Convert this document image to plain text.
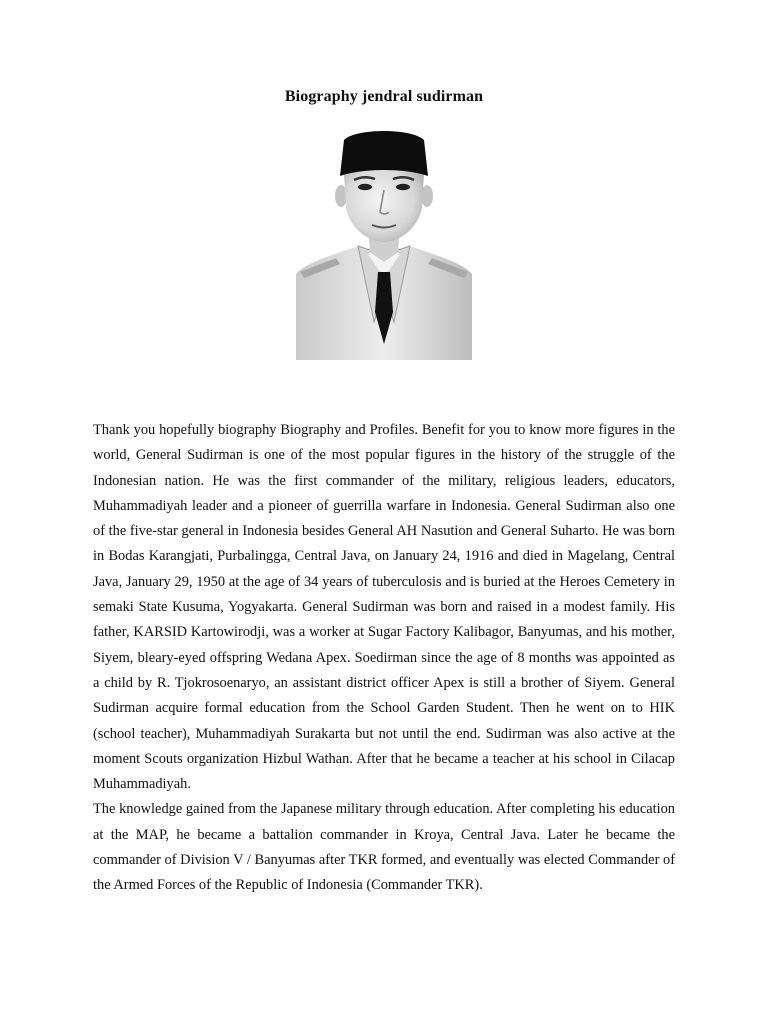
Biography jendral sudirman

Thank you hopefully biography Biography and Profiles. Benefit for you to know more figures in the world, General Sudirman is one of the most popular figures in the history of the struggle of the Indonesian nation. He was the first commander of the military, religious leaders, educators, Muhammadiyah leader and a pioneer of guerrilla warfare in Indonesia. General Sudirman also one of the five-star general in Indonesia besides General AH Nasution and General Suharto. He was born in Bodas Karangjati, Purbalingga, Central Java, on January 24, 1916 and died in Magelang, Central Java, January 29, 1950 at the age of 34 years of tuberculosis and is buried at the Heroes Cemetery in semaki State Kusuma, Yogyakarta. General Sudirman was born and raised in a modest family. His father, KARSID Kartowirodji, was a worker at Sugar Factory Kalibagor, Banyumas, and his mother, Siyem, bleary-eyed offspring Wedana Apex. Soedirman since the age of 8 months was appointed as a child by R. Tjokrosoenaryo, an assistant district officer Apex is still a brother of Siyem. General Sudirman acquire formal education from the School Garden Student. Then he went on to HIK (school teacher), Muhammadiyah Surakarta but not until the end. Sudirman was also active at the moment Scouts organization Hizbul Wathan. After that he became a teacher at his school in Cilacap Muhammadiyah.

The knowledge gained from the Japanese military through education. After completing his education at the MAP, he became a battalion commander in Kroya, Central Java. Later he became the commander of Division V / Banyumas after TKR formed, and eventually was elected Commander of the Armed Forces of the Republic of Indonesia (Commander TKR).
